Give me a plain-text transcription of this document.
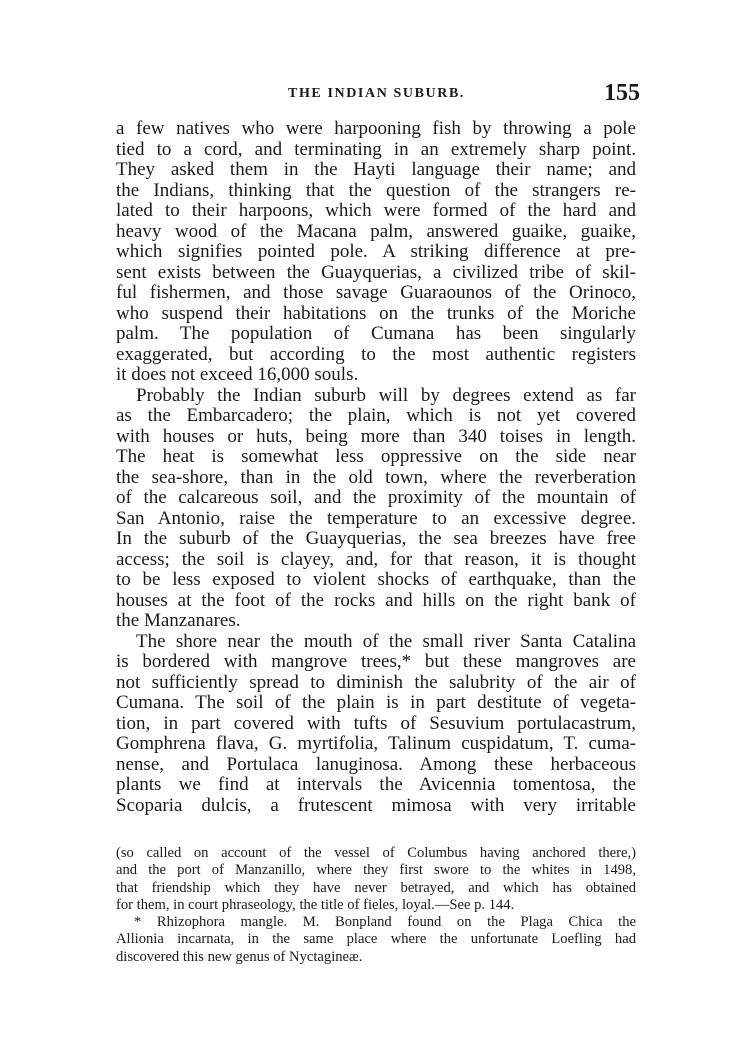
THE INDIAN SUBURB.	155
a few natives who were harpooning fish by throwing a pole
tied to a cord, and terminating in an extremely sharp point.
They asked them in the Hayti language their name; and
the Indians, thinking that the question of the strangers re-
lated to their harpoons, which were formed of the hard and
heavy wood of the Macana palm, answered guaike, guaike,
which signifies pointed pole. A striking difference at pre-
sent exists between the Guayquerias, a civilized tribe of skil-
ful fishermen, and those savage Guaraounos of the Orinoco,
who suspend their habitations on the trunks of the Moriche
palm. The population of Cumana has been singularly
exaggerated, but according to the most authentic registers
it does not exceed 16,000 souls.
Probably the Indian suburb will by degrees extend as far
as the Embarcadero; the plain, which is not yet covered
with houses or huts, being more than 340 toises in length.
The heat is somewhat less oppressive on the side near
the sea-shore, than in the old town, where the reverberation
of the calcareous soil, and the proximity of the mountain of
San Antonio, raise the temperature to an excessive degree.
In the suburb of the Guayquerias, the sea breezes have free
access; the soil is clayey, and, for that reason, it is thought
to be less exposed to violent shocks of earthquake, than the
houses at the foot of the rocks and hills on the right bank of
the Manzanares.
The shore near the mouth of the small river Santa Catalina
is bordered with mangrove trees,* but these mangroves are
not sufficiently spread to diminish the salubrity of the air of
Cumana. The soil of the plain is in part destitute of vegeta-
tion, in part covered with tufts of Sesuvium portulacastrum,
Gomphrena flava, G. myrtifolia, Talinum cuspidatum, T. cuma-
nense, and Portulaca lanuginosa. Among these herbaceous
plants we find at intervals the Avicennia tomentosa, the
Scoparia dulcis, a frutescent mimosa with very irritable
(so called on account of the vessel of Columbus having anchored there,)
and the port of Manzanillo, where they first swore to the whites in 1498,
that friendship which they have never betrayed, and which has obtained
for them, in court phraseology, the title of fieles, loyal.—See p. 144.
* Rhizophora mangle. M. Bonpland found on the Plaga Chica the
Allionia incarnata, in the same place where the unfortunate Loefling had
discovered this new genus of Nyctagineæ.
